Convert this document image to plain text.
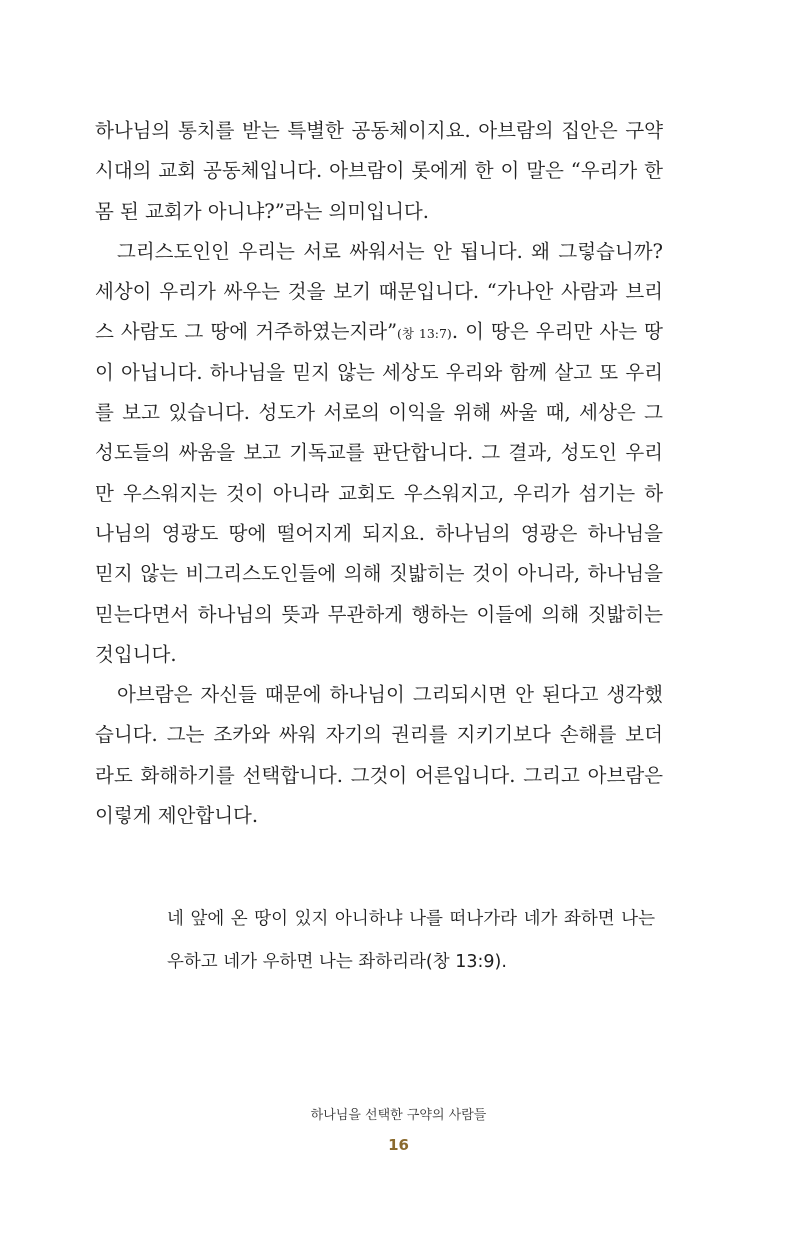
하나님의 통치를 받는 특별한 공동체이지요. 아브람의 집안은 구약
시대의 교회 공동체입니다. 아브람이 롯에게 한 이 말은 “우리가 한
몸 된 교회가 아니냐?”라는 의미입니다.
그리스도인인 우리는 서로 싸워서는 안 됩니다. 왜 그렇습니까?
세상이 우리가 싸우는 것을 보기 때문입니다. “가나안 사람과 브리
스 사람도 그 땅에 거주하였는지라”(창 13:7). 이 땅은 우리만 사는 땅
이 아닙니다. 하나님을 믿지 않는 세상도 우리와 함께 살고 또 우리
를 보고 있습니다. 성도가 서로의 이익을 위해 싸울 때, 세상은 그
성도들의 싸움을 보고 기독교를 판단합니다. 그 결과, 성도인 우리
만 우스워지는 것이 아니라 교회도 우스워지고, 우리가 섬기는 하
나님의 영광도 땅에 떨어지게 되지요. 하나님의 영광은 하나님을
믿지 않는 비그리스도인들에 의해 짓밟히는 것이 아니라, 하나님을
믿는다면서 하나님의 뜻과 무관하게 행하는 이들에 의해 짓밟히는
것입니다.
아브람은 자신들 때문에 하나님이 그리되시면 안 된다고 생각했
습니다. 그는 조카와 싸워 자기의 권리를 지키기보다 손해를 보더
라도 화해하기를 선택합니다. 그것이 어른입니다. 그리고 아브람은
이렇게 제안합니다.
네 앞에 온 땅이 있지 아니하냐 나를 떠나가라 네가 좌하면 나는
우하고 네가 우하면 나는 좌하리라(창 13:9).
하나님을 선택한 구약의 사람들
16
